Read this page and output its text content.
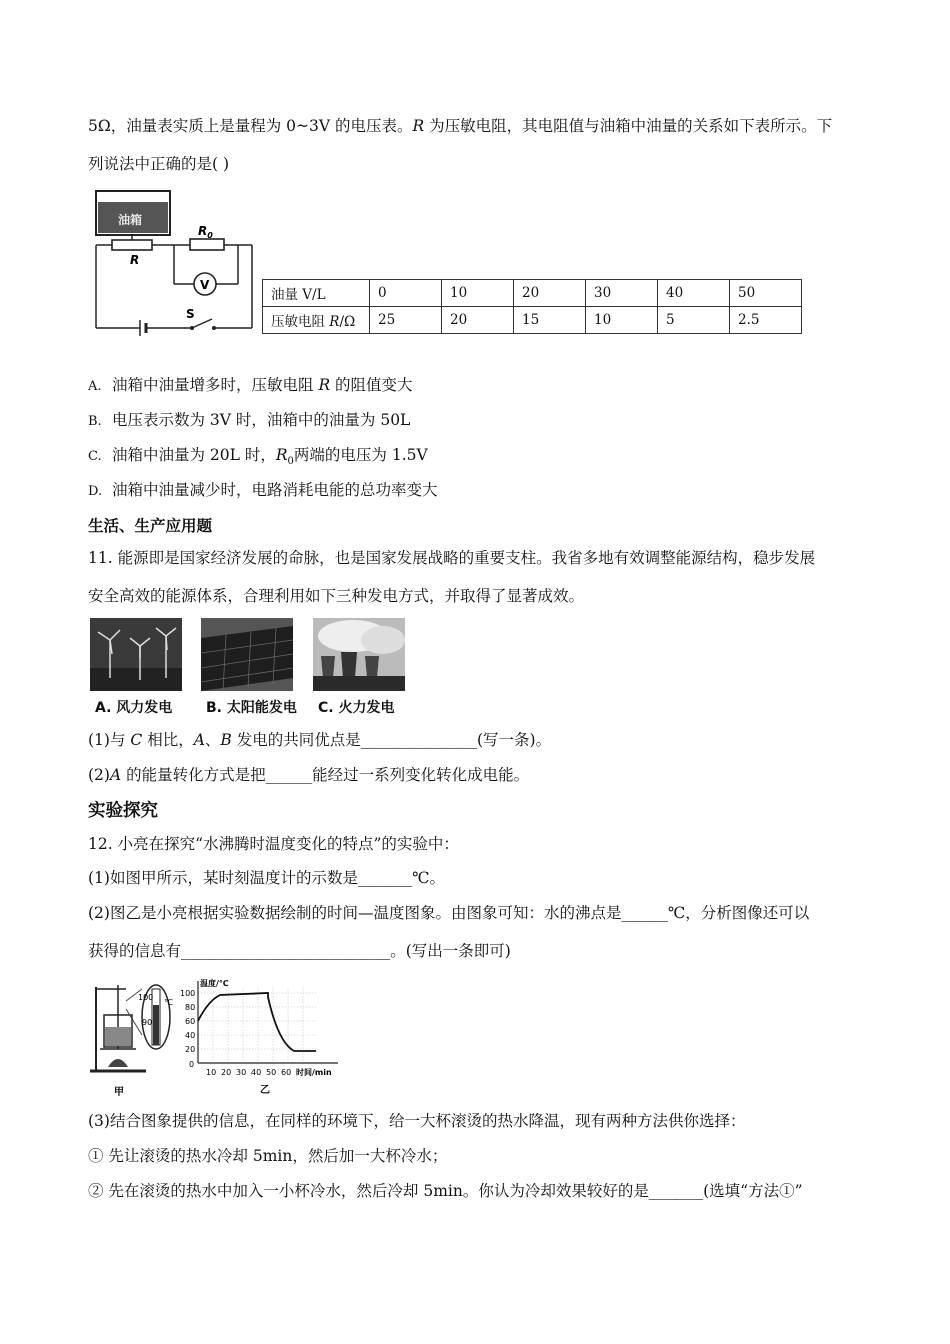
5Ω，油量表实质上是量程为 0~3V 的电压表。R 为压敏电阻，其电阻值与油箱中油量的关系如下表所示。下
列说法中正确的是( )
油箱
R
$R_0$
V
S
油量 V/L	0	10	20	30	40	50
压敏电阻 R/Ω	25	20	15	10	5	2.5
A. 油箱中油量增多时，压敏电阻 R 的阻值变大
B. 电压表示数为 3V 时，油箱中的油量为 50L
C. 油箱中油量为 20L 时，$R_0$两端的电压为 1.5V
D. 油箱中油量减少时，电路消耗电能的总功率变大
生活、生产应用题
11. 能源即是国家经济发展的命脉，也是国家发展战略的重要支柱。我省多地有效调整能源结构，稳步发展
安全高效的能源体系，合理利用如下三种发电方式，并取得了显著成效。
A. 风力发电 B. 太阳能发电 C. 火力发电
(1)与 C 相比，A、B 发电的共同优点是_______________(写一条)。
(2)A 的能量转化方式是把______能经过一系列变化转化成电能。
实验探究
12. 小亮在探究“水沸腾时温度变化的特点”的实验中：
(1)如图甲所示，某时刻温度计的示数是_______℃。
(2)图乙是小亮根据实验数据绘制的时间—温度图象。由图象可知：水的沸点是______℃，分析图像还可以
获得的信息有___________________________。(写出一条即可)
100
90
℃
甲
温度/℃
100
80
60
40
20
0
10 20 30 40 50 60 时间/min
乙
(3)结合图象提供的信息，在同样的环境下，给一大杯滚烫的热水降温，现有两种方法供你选择：
① 先让滚烫的热水冷却 5min，然后加一大杯冷水；
② 先在滚烫的热水中加入一小杯冷水，然后冷却 5min。你认为冷却效果较好的是_______(选填“方法①”
